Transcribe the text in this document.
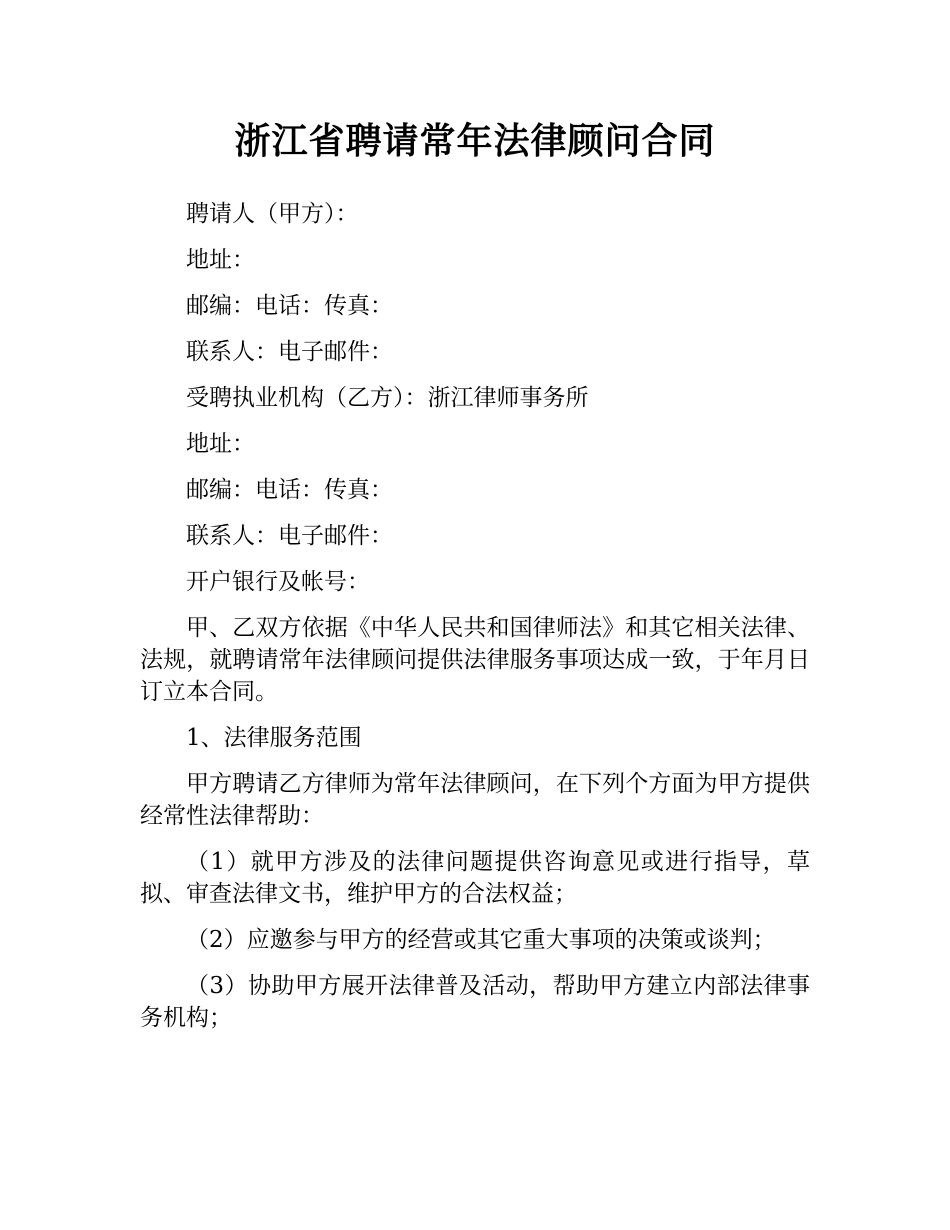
浙江省聘请常年法律顾问合同

聘请人（甲方）：

地址：

邮编：电话：传真：

联系人：电子邮件：

受聘执业机构（乙方）：浙江律师事务所

地址：

邮编：电话：传真：

联系人：电子邮件：

开户银行及帐号：

甲、乙双方依据《中华人民共和国律师法》和其它相关法律、法规，就聘请常年法律顾问提供法律服务事项达成一致，于年月日订立本合同。

1、法律服务范围

甲方聘请乙方律师为常年法律顾问，在下列个方面为甲方提供经常性法律帮助：

（1）就甲方涉及的法律问题提供咨询意见或进行指导，草拟、审查法律文书，维护甲方的合法权益；

（2）应邀参与甲方的经营或其它重大事项的决策或谈判；

（3）协助甲方展开法律普及活动，帮助甲方建立内部法律事务机构；
